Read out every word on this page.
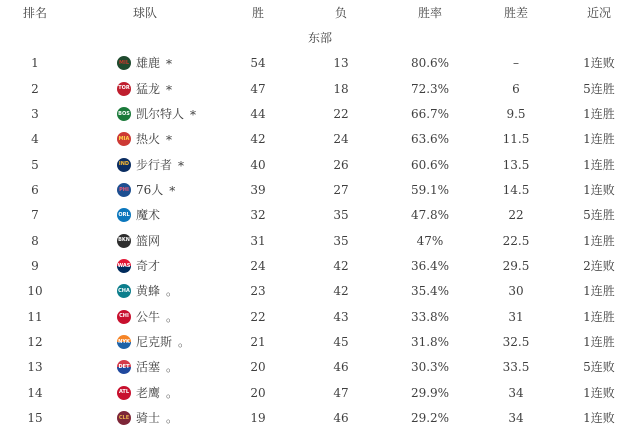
排名	球队	胜	负	胜率	胜差	近况
东部						
1	MIL 雄鹿 *	54	13	80.6%	–	1连败
2	TOR 猛龙 *	47	18	72.3%	6	5连胜
3	BOS 凯尔特人 *	44	22	66.7%	9.5	1连胜
4	MIA 热火 *	42	24	63.6%	11.5	1连胜
5	IND 步行者 *	40	26	60.6%	13.5	1连胜
6	PHI 76人 *	39	27	59.1%	14.5	1连败
7	ORL 魔术	32	35	47.8%	22	5连胜
8	BKN 篮网	31	35	47%	22.5	1连胜
9	WAS 奇才	24	42	36.4%	29.5	2连败
10	CHA 黄蜂 。	23	42	35.4%	30	1连胜
11	CHI 公牛 。	22	43	33.8%	31	1连胜
12	NYK 尼克斯 。	21	45	31.8%	32.5	1连胜
13	DET 活塞 。	20	46	30.3%	33.5	5连败
14	ATL 老鹰 。	20	47	29.9%	34	1连败
15	CLE 骑士 。	19	46	29.2%	34	1连败
